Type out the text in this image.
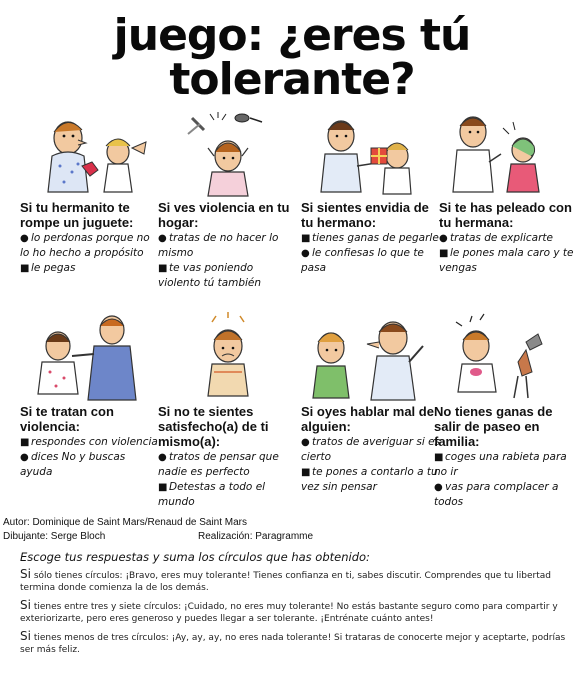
juego: ¿eres tú tolerante?

Si tu hermanito te rompe un juguete:

● lo perdonas porque no lo ho hecho a propósito

■ le pegas

Si ves violencia en tu hogar:

● tratas de no hacer lo mismo

■ te vas poniendo violento tú también

Si sientes envidia de tu hermano:

■ tienes ganas de pegarle

● le confiesas lo que te pasa

Si te has peleado con tu hermana:

● tratas de explicarte

■ le pones mala caro y te vengas

Si te tratan con violencia:

■ respondes con violencia

● dices No y buscas ayuda

Si no te sientes satisfecho(a) de ti mismo(a):

● tratos de pensar que nadie es perfecto

■ Detestas a todo el mundo

Si oyes hablar mal de alguien:

● tratos de averiguar si es cierto

■ te pones a contarlo a tu vez sin pensar

No tienes ganas de salir de paseo en familia:

■ coges una rabieta para no ir

● vas para complacer a todos

Autor: Dominique de Saint Mars/Renaud de Saint Mars
Dibujante: Serge Bloch	Realización: Paragramme

Escoge tus respuestas y suma los círculos que has obtenido:

Si sólo tienes círculos: ¡Bravo, eres muy tolerante! Tienes confianza en ti, sabes discutir. Comprendes que tu libertad termina donde comienza la de los demás.

Si tienes entre tres y siete círculos: ¡Cuidado, no eres muy tolerante! No estás bastante seguro como para compartir y exteriorizarte, pero eres generoso y puedes llegar a ser tolerante. ¡Entrénate cuánto antes!

Si tienes menos de tres círculos: ¡Ay, ay, ay, no eres nada tolerante! Si trataras de conocerte mejor y aceptarte, podrías ser más feliz.
